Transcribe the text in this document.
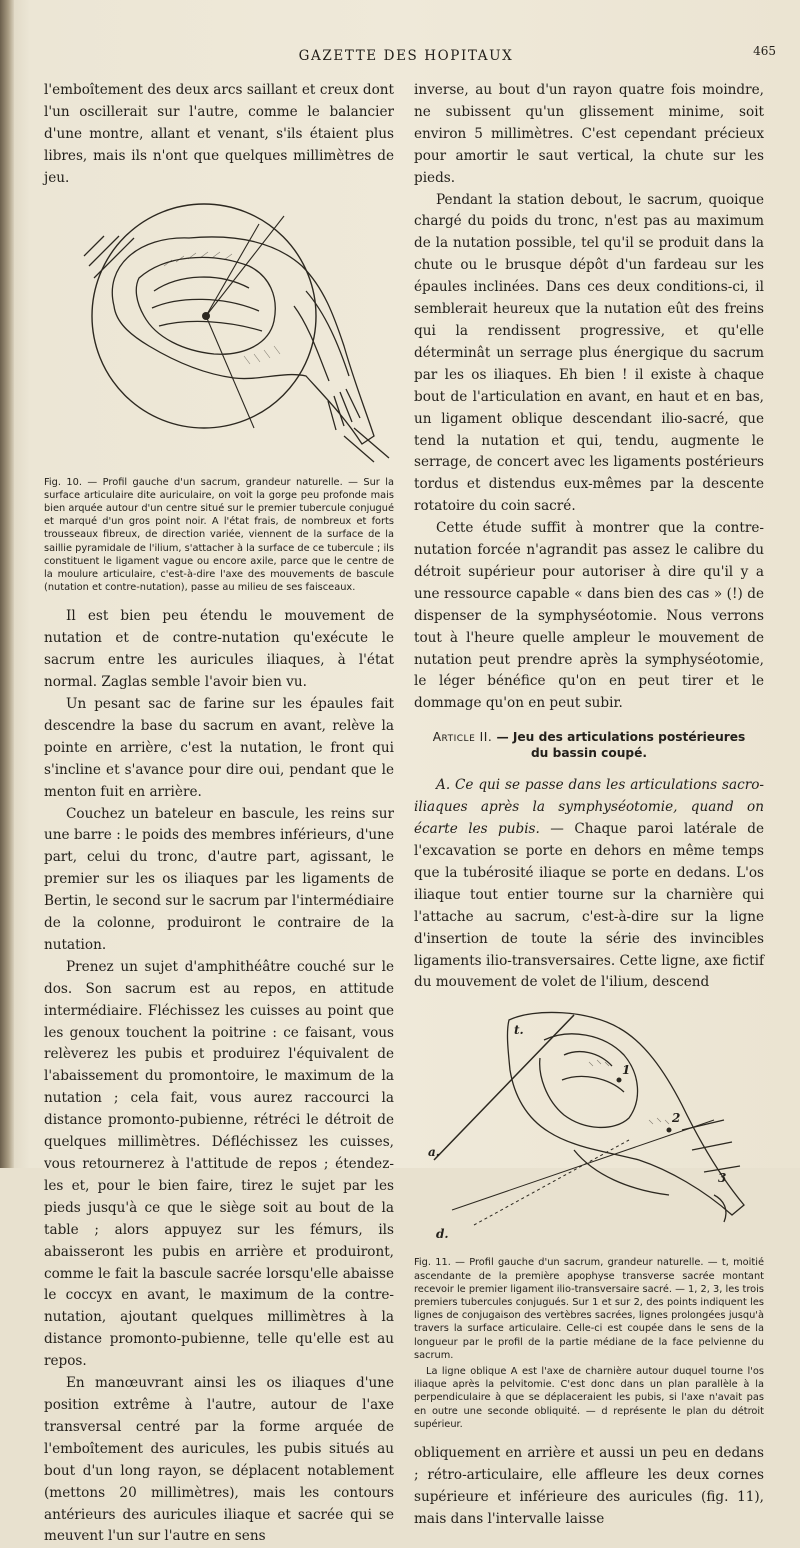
GAZETTE DES HOPITAUX	465

l'emboîtement des deux arcs saillant et creux dont l'un oscillerait sur l'autre, comme le balancier d'une montre, allant et venant, s'ils étaient plus libres, mais ils n'ont que quelques millimètres de jeu.

Fig. 10. — Profil gauche d'un sacrum, grandeur naturelle. — Sur la surface articulaire dite auriculaire, on voit la gorge peu profonde mais bien arquée autour d'un centre situé sur le premier tubercule conjugué et marqué d'un gros point noir. A l'état frais, de nombreux et forts trousseaux fibreux, de direction variée, viennent de la surface de la saillie pyramidale de l'ilium, s'attacher à la surface de ce tubercule ; ils constituent le ligament vague ou encore axile, parce que le centre de la moulure articulaire, c'est-à-dire l'axe des mouvements de bascule (nutation et contre-nutation), passe au milieu de ses faisceaux.

Il est bien peu étendu le mouvement de nutation et de contre-nutation qu'exécute le sacrum entre les auricules iliaques, à l'état normal. Zaglas semble l'avoir bien vu.

Un pesant sac de farine sur les épaules fait descendre la base du sacrum en avant, relève la pointe en arrière, c'est la nutation, le front qui s'incline et s'avance pour dire oui, pendant que le menton fuit en arrière.

Couchez un bateleur en bascule, les reins sur une barre : le poids des membres inférieurs, d'une part, celui du tronc, d'autre part, agissant, le premier sur les os iliaques par les ligaments de Bertin, le second sur le sacrum par l'intermédiaire de la colonne, produiront le contraire de la nutation.

Prenez un sujet d'amphithéâtre couché sur le dos. Son sacrum est au repos, en attitude intermédiaire. Fléchissez les cuisses au point que les genoux touchent la poitrine : ce faisant, vous relèverez les pubis et produirez l'équivalent de l'abaissement du promontoire, le maximum de la nutation ; cela fait, vous aurez raccourci la distance promonto-pubienne, rétréci le détroit de quelques millimètres. Défléchissez les cuisses, vous retournerez à l'attitude de repos ; étendez-les et, pour le bien faire, tirez le sujet par les pieds jusqu'à ce que le siège soit au bout de la table ; alors appuyez sur les fémurs, ils abaisseront les pubis en arrière et produiront, comme le fait la bascule sacrée lorsqu'elle abaisse le coccyx en avant, le maximum de la contre-nutation, ajoutant quelques millimètres à la distance promonto-pubienne, telle qu'elle est au repos.

En manœuvrant ainsi les os iliaques d'une position extrême à l'autre, autour de l'axe transversal centré par la forme arquée de l'emboîtement des auricules, les pubis situés au bout d'un long rayon, se déplacent notablement (mettons 20 millimètres), mais les contours antérieurs des auricules iliaque et sacrée qui se meuvent l'un sur l'autre en sens

inverse, au bout d'un rayon quatre fois moindre, ne subissent qu'un glissement minime, soit environ 5 millimètres. C'est cependant précieux pour amortir le saut vertical, la chute sur les pieds.

Pendant la station debout, le sacrum, quoique chargé du poids du tronc, n'est pas au maximum de la nutation possible, tel qu'il se produit dans la chute ou le brusque dépôt d'un fardeau sur les épaules inclinées. Dans ces deux conditions-ci, il semblerait heureux que la nutation eût des freins qui la rendissent progressive, et qu'elle déterminât un serrage plus énergique du sacrum par les os iliaques. Eh bien ! il existe à chaque bout de l'articulation en avant, en haut et en bas, un ligament oblique descendant ilio-sacré, que tend la nutation et qui, tendu, augmente le serrage, de concert avec les ligaments postérieurs tordus et distendus eux-mêmes par la descente rotatoire du coin sacré.

Cette étude suffit à montrer que la contre-nutation forcée n'agrandit pas assez le calibre du détroit supérieur pour autoriser à dire qu'il y a une ressource capable « dans bien des cas » (!) de dispenser de la symphyséotomie. Nous verrons tout à l'heure quelle ampleur le mouvement de nutation peut prendre après la symphyséotomie, le léger bénéfice qu'on en peut tirer et le dommage qu'on en peut subir.

Article II. — Jeu des articulations postérieures
du bassin coupé.

A. Ce qui se passe dans les articulations sacro-iliaques après la symphyséotomie, quand on écarte les pubis. — Chaque paroi latérale de l'excavation se porte en dehors en même temps que la tubérosité iliaque se porte en dedans. L'os iliaque tout entier tourne sur la charnière qui l'attache au sacrum, c'est-à-dire sur la ligne d'insertion de toute la série des invincibles ligaments ilio-transversaires. Cette ligne, axe fictif du mouvement de volet de l'ilium, descend

t.
1
2
3
a.
d.

Fig. 11. — Profil gauche d'un sacrum, grandeur naturelle. — t, moitié ascendante de la première apophyse transverse sacrée montant recevoir le premier ligament ilio-transversaire sacré. — 1, 2, 3, les trois premiers tubercules conjugués. Sur 1 et sur 2, des points indiquent les lignes de conjugaison des vertèbres sacrées, lignes prolongées jusqu'à travers la surface articulaire. Celle-ci est coupée dans le sens de la longueur par le profil de la partie médiane de la face pelvienne du sacrum.

La ligne oblique A est l'axe de charnière autour duquel tourne l'os iliaque après la pelvitomie. C'est donc dans un plan parallèle à la perpendiculaire à que se déplaceraient les pubis, si l'axe n'avait pas en outre une seconde obliquité. — d représente le plan du détroit supérieur.

obliquement en arrière et aussi un peu en dedans ; rétro-articulaire, elle affleure les deux cornes supérieure et inférieure des auricules (fig. 11), mais dans l'intervalle laisse
